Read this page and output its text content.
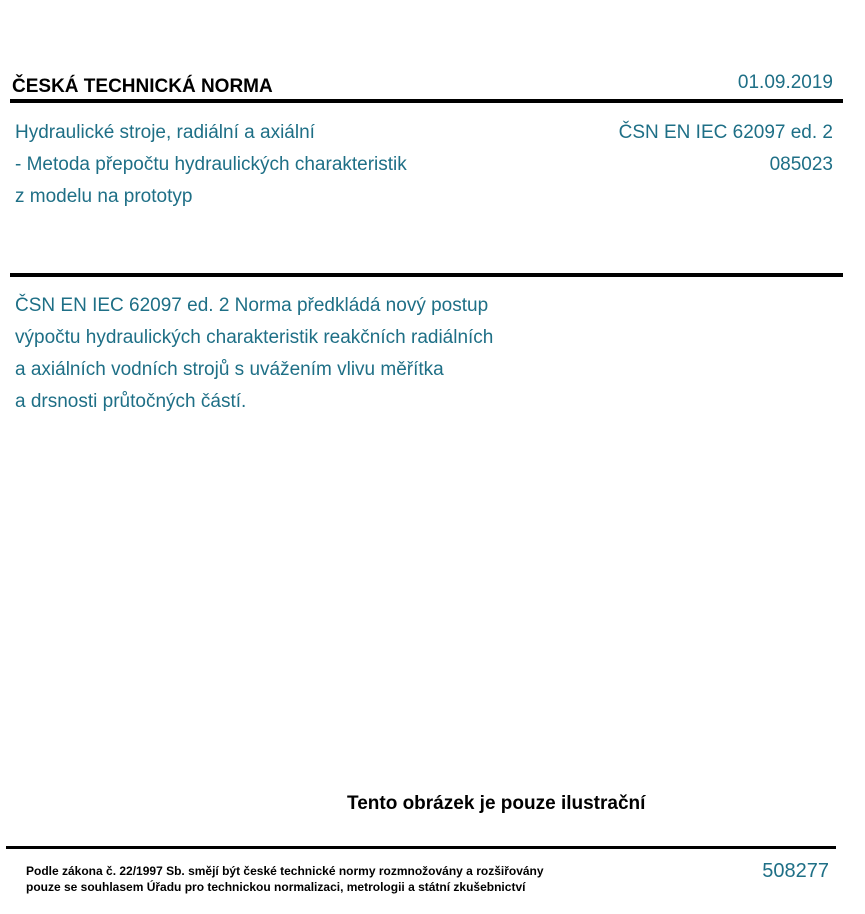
ČESKÁ TECHNICKÁ NORMA	01.09.2019
Hydraulické stroje, radiální a axiální
- Metoda přepočtu hydraulických charakteristik
z modelu na prototyp
ČSN EN IEC 62097 ed. 2
085023
ČSN EN IEC 62097 ed. 2 Norma předkládá nový postup
výpočtu hydraulických charakteristik reakčních radiálních
a axiálních vodních strojů s uvážením vlivu měřítka
a drsnosti průtočných částí.
Tento obrázek je pouze ilustrační
Podle zákona č. 22/1997 Sb. smějí být české technické normy rozmnožovány a rozšiřovány
pouze se souhlasem Úřadu pro technickou normalizaci, metrologii a státní zkušebnictví
508277
